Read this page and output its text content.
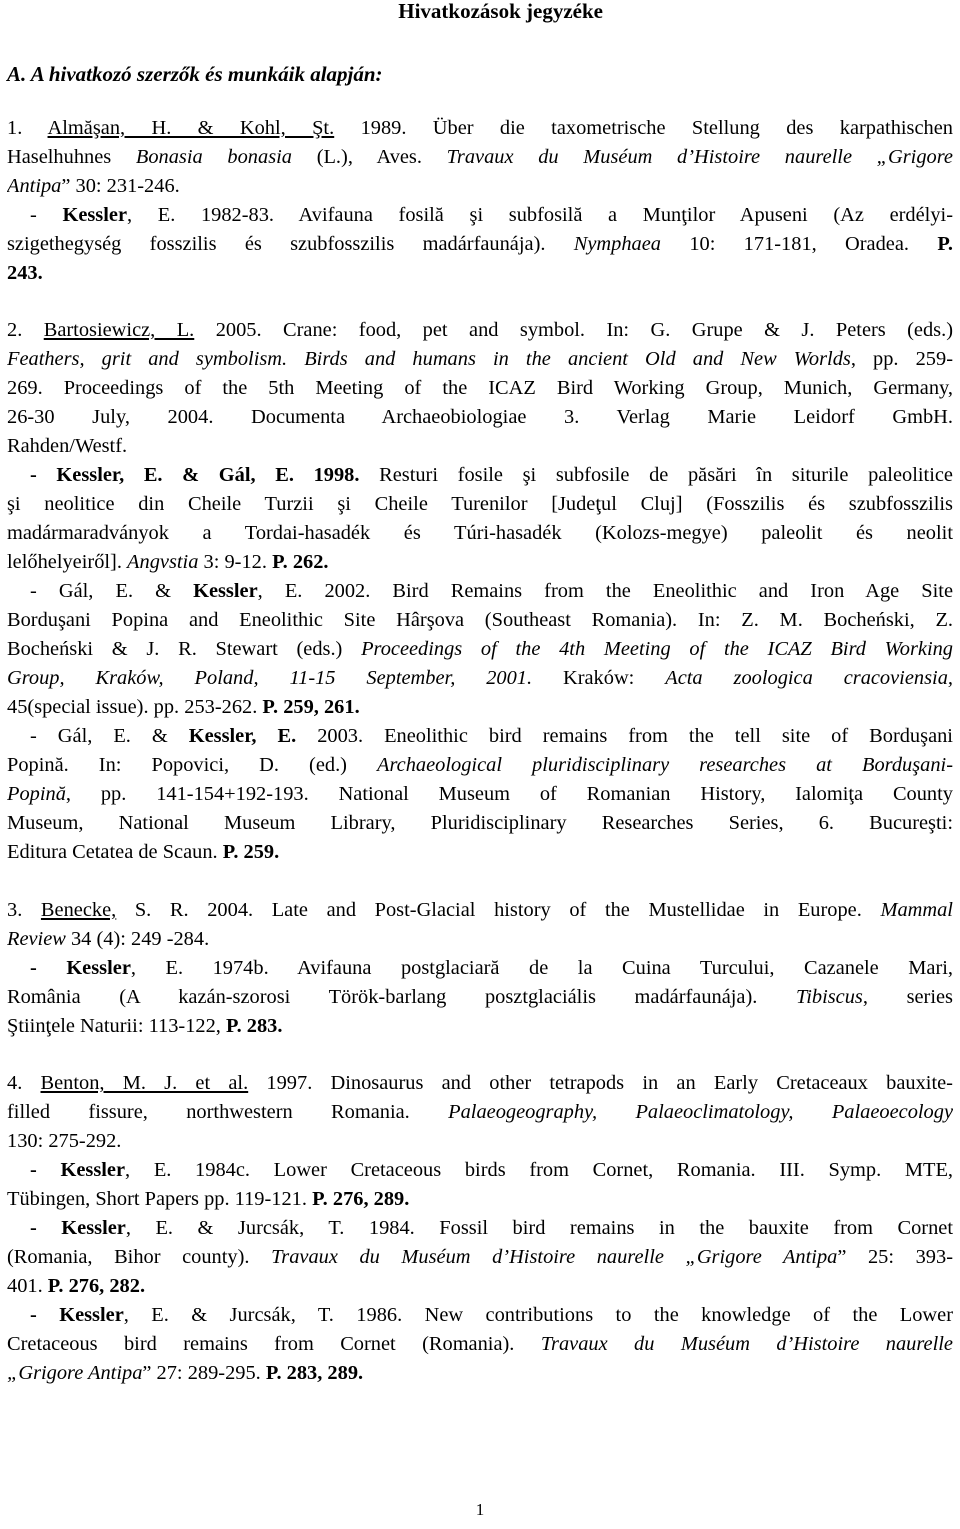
Hivatkozások jegyzéke
A. A hivatkozó szerzők és munkáik alapján:
1. Almăşan, H. & Kohl, Şt. 1989. Über die taxometrische Stellung des karpathischen
Haselhuhnes Bonasia bonasia (L.), Aves. Travaux du Muséum d’Histoire naurelle „Grigore
Antipa” 30: 231-246.
- Kessler, E. 1982-83. Avifauna fosilă şi subfosilă a Munţilor Apuseni (Az erdélyi-
szigethegység fosszilis és szubfosszilis madárfaunája). Nymphaea 10: 171-181, Oradea. P.
243.
2. Bartosiewicz, L. 2005. Crane: food, pet and symbol. In: G. Grupe & J. Peters (eds.)
Feathers, grit and symbolism. Birds and humans in the ancient Old and New Worlds, pp. 259-
269. Proceedings of the 5th Meeting of the ICAZ Bird Working Group, Munich, Germany,
26-30 July, 2004. Documenta Archaeobiologiae 3. Verlag Marie Leidorf GmbH.
Rahden/Westf.
- Kessler, E. & Gál, E. 1998. Resturi fosile şi subfosile de păsări în siturile paleolitice
şi neolitice din Cheile Turzii şi Cheile Turenilor [Judeţul Cluj] (Fosszilis és szubfosszilis
madármaradványok a Tordai-hasadék és Túri-hasadék (Kolozs-megye) paleolit és neolit
lelőhelyeiről]. Angvstia 3: 9-12. P. 262.
- Gál, E. & Kessler, E. 2002. Bird Remains from the Eneolithic and Iron Age Site
Borduşani Popina and Eneolithic Site Hârşova (Southeast Romania). In: Z. M. Bocheński, Z.
Bocheński & J. R. Stewart (eds.) Proceedings of the 4th Meeting of the ICAZ Bird Working
Group, Kraków, Poland, 11-15 September, 2001. Kraków: Acta zoologica cracoviensia,
45(special issue). pp. 253-262. P. 259, 261.
- Gál, E. & Kessler, E. 2003. Eneolithic bird remains from the tell site of Borduşani
Popină. In: Popovici, D. (ed.) Archaeological pluridisciplinary researches at Borduşani-
Popină, pp. 141-154+192-193. National Museum of Romanian History, Ialomiţa County
Museum, National Museum Library, Pluridisciplinary Researches Series, 6. Bucureşti:
Editura Cetatea de Scaun. P. 259.
3. Benecke, S. R. 2004. Late and Post-Glacial history of the Mustellidae in Europe. Mammal
Review 34 (4): 249 -284.
- Kessler, E. 1974b. Avifauna postglaciară de la Cuina Turcului, Cazanele Mari,
România (A kazán-szorosi Török-barlang posztglaciális madárfaunája). Tibiscus, series
Ştiinţele Naturii: 113-122, P. 283.
4. Benton, M. J. et al. 1997. Dinosaurus and other tetrapods in an Early Cretaceaux bauxite-
filled fissure, northwestern Romania. Palaeogeography, Palaeoclimatology, Palaeoecology
130: 275-292.
- Kessler, E. 1984c. Lower Cretaceous birds from Cornet, Romania. III. Symp. MTE,
Tübingen, Short Papers pp. 119-121. P. 276, 289.
- Kessler, E. & Jurcsák, T. 1984. Fossil bird remains in the bauxite from Cornet
(Romania, Bihor county). Travaux du Muséum d’Histoire naurelle „Grigore Antipa” 25: 393-
401. P. 276, 282.
- Kessler, E. & Jurcsák, T. 1986. New contributions to the knowledge of the Lower
Cretaceous bird remains from Cornet (Romania). Travaux du Muséum d’Histoire naurelle
„Grigore Antipa” 27: 289-295. P. 283, 289.
1
